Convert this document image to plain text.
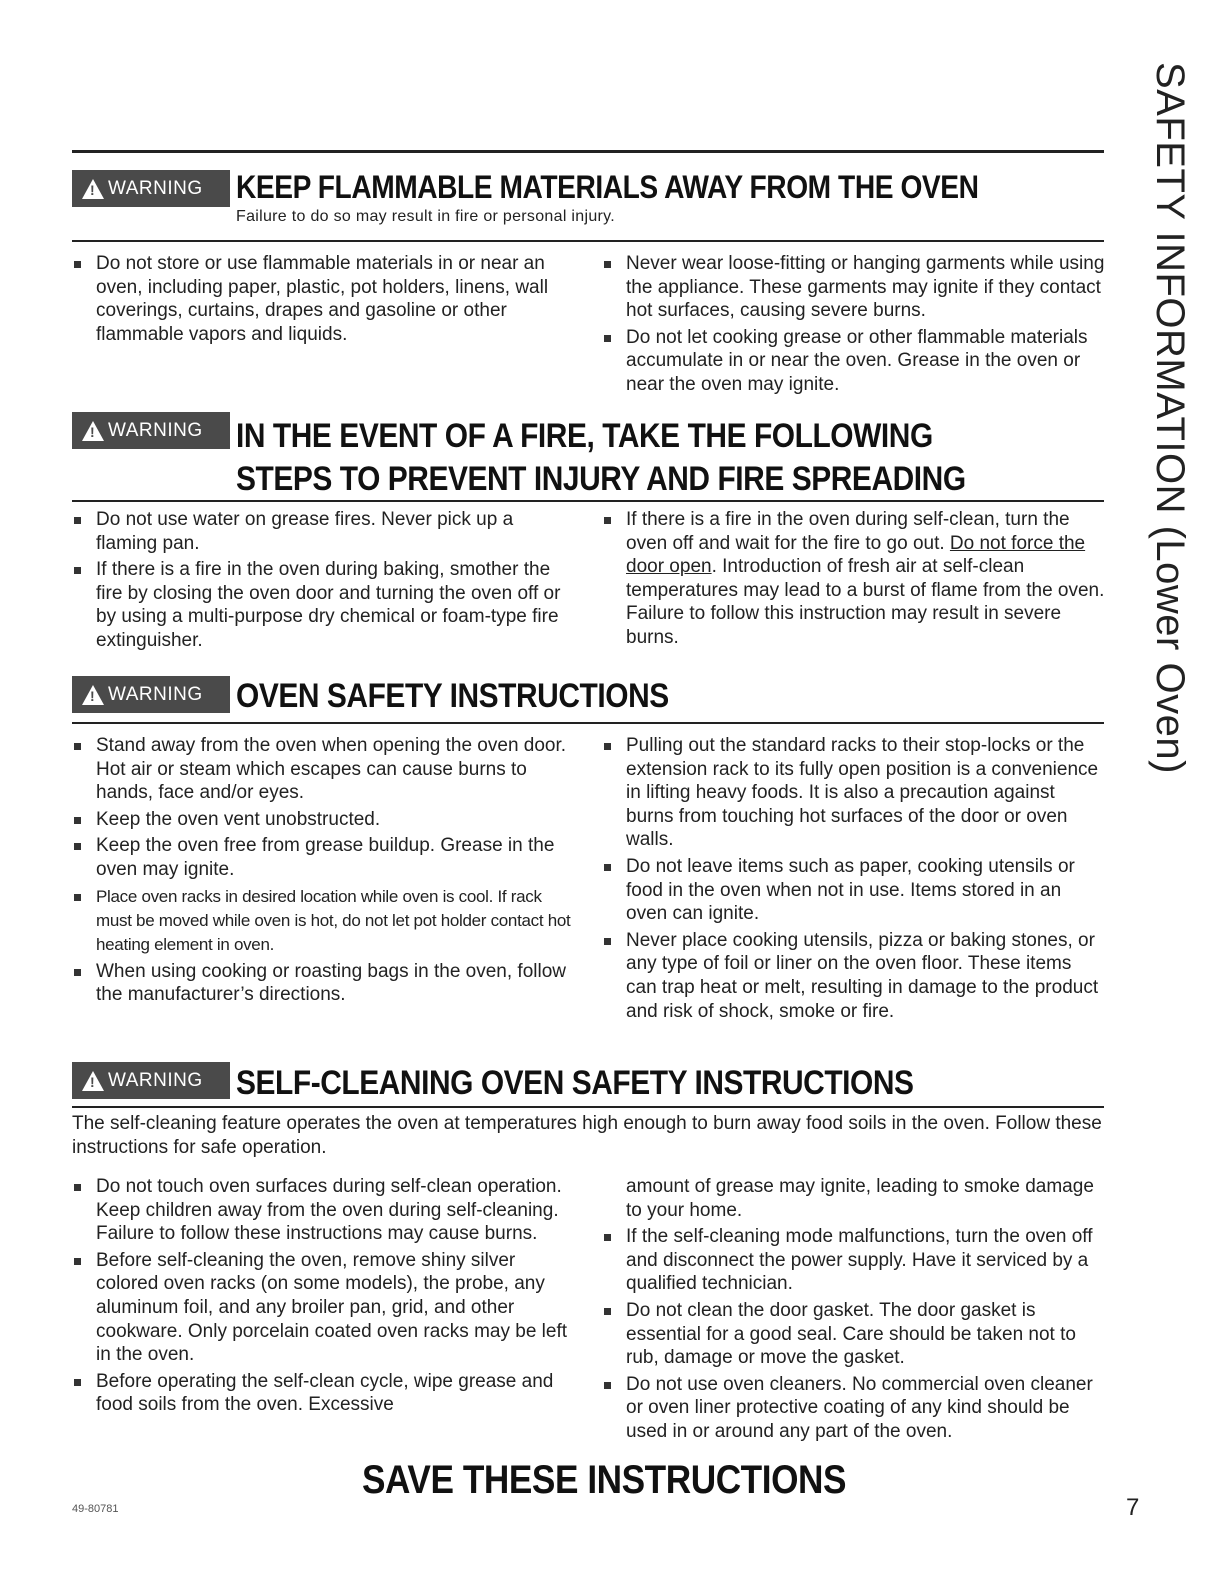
SAFETY INFORMATION (Lower Oven)
!
WARNING KEEP FLAMMABLE MATERIALS AWAY FROM THE OVEN
Failure to do so may result in fire or personal injury.
Do not store or use flammable materials in or near an oven, including paper, plastic, pot holders, linens, wall coverings, curtains, drapes and gasoline or other flammable vapors and liquids.
Never wear loose-fitting or hanging garments while using the appliance. These garments may ignite if they contact hot surfaces, causing severe burns.
Do not let cooking grease or other flammable materials accumulate in or near the oven. Grease in the oven or near the oven may ignite.
!
WARNING IN THE EVENT OF A FIRE, TAKE THE FOLLOWING
STEPS TO PREVENT INJURY AND FIRE SPREADING
Do not use water on grease fires. Never pick up a flaming pan.
If there is a fire in the oven during baking, smother the fire by closing the oven door and turning the oven off or by using a multi-purpose dry chemical or foam-type fire extinguisher.
If there is a fire in the oven during self-clean, turn the oven off and wait for the fire to go out. Do not force the door open. Introduction of fresh air at self-clean temperatures may lead to a burst of flame from the oven. Failure to follow this instruction may result in severe burns.
!
WARNING OVEN SAFETY INSTRUCTIONS
Stand away from the oven when opening the oven door. Hot air or steam which escapes can cause burns to hands, face and/or eyes.
Keep the oven vent unobstructed.
Keep the oven free from grease buildup. Grease in the oven may ignite.
Place oven racks in desired location while oven is cool. If rack must be moved while oven is hot, do not let pot holder contact hot heating element in oven.
When using cooking or roasting bags in the oven, follow the manufacturer’s directions.
Pulling out the standard racks to their stop-locks or the extension rack to its fully open position is a convenience in lifting heavy foods. It is also a precaution against burns from touching hot surfaces of the door or oven walls.
Do not leave items such as paper, cooking utensils or food in the oven when not in use. Items stored in an oven can ignite.
Never place cooking utensils, pizza or baking stones, or any type of foil or liner on the oven floor. These items can trap heat or melt, resulting in damage to the product and risk of shock, smoke or fire.
!
WARNING SELF-CLEANING OVEN SAFETY INSTRUCTIONS
The self-cleaning feature operates the oven at temperatures high enough to burn away food soils in the oven. Follow these instructions for safe operation.
Do not touch oven surfaces during self-clean operation. Keep children away from the oven during self-cleaning. Failure to follow these instructions may cause burns.
Before self-cleaning the oven, remove shiny silver colored oven racks (on some models), the probe, any aluminum foil, and any broiler pan, grid, and other cookware. Only porcelain coated oven racks may be left in the oven.
Before operating the self-clean cycle, wipe grease and food soils from the oven. Excessive
amount of grease may ignite, leading to smoke damage to your home.
If the self-cleaning mode malfunctions, turn the oven off and disconnect the power supply. Have it serviced by a qualified technician.
Do not clean the door gasket. The door gasket is essential for a good seal. Care should be taken not to rub, damage or move the gasket.
Do not use oven cleaners. No commercial oven cleaner or oven liner protective coating of any kind should be used in or around any part of the oven.
SAVE THESE INSTRUCTIONS
49-80781	7
